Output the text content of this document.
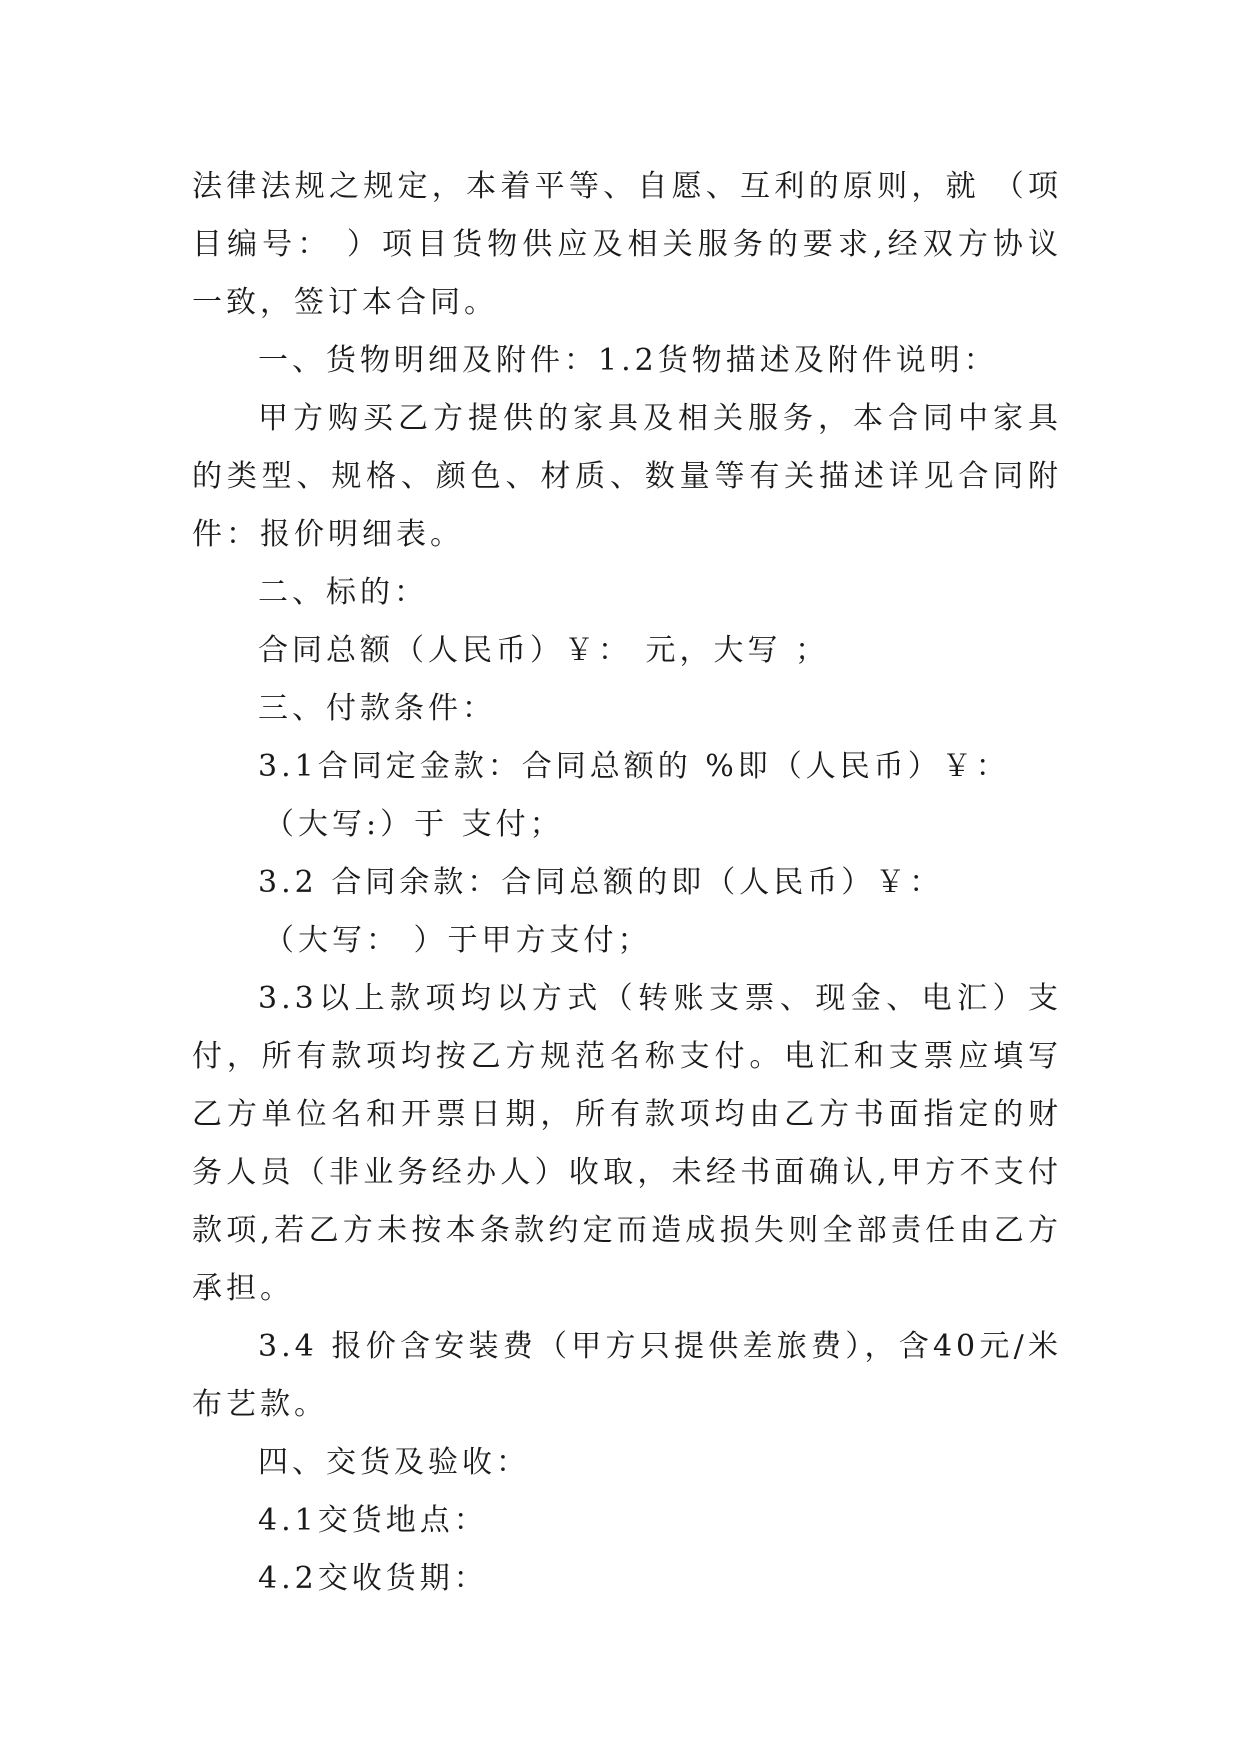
法律法规之规定，本着平等、自愿、互利的原则，就 （项目编号： ）项目货物供应及相关服务的要求,经双方协议一致，签订本合同。

一、货物明细及附件：1.2货物描述及附件说明：

甲方购买乙方提供的家具及相关服务，本合同中家具的类型、规格、颜色、材质、数量等有关描述详见合同附件：报价明细表。

二、标的：

合同总额（人民币）￥： 元，大写 ；

三、付款条件：

3.1合同定金款：合同总额的 %即（人民币）￥：

（大写:）于 支付；

3.2 合同余款：合同总额的即（人民币）￥：

（大写： ）于甲方支付；

3.3以上款项均以方式（转账支票、现金、电汇）支付，所有款项均按乙方规范名称支付。电汇和支票应填写乙方单位名和开票日期，所有款项均由乙方书面指定的财务人员（非业务经办人）收取，未经书面确认,甲方不支付款项,若乙方未按本条款约定而造成损失则全部责任由乙方承担。

3.4 报价含安装费（甲方只提供差旅费），含40元/米布艺款。

四、交货及验收：

4.1交货地点：

4.2交收货期：
